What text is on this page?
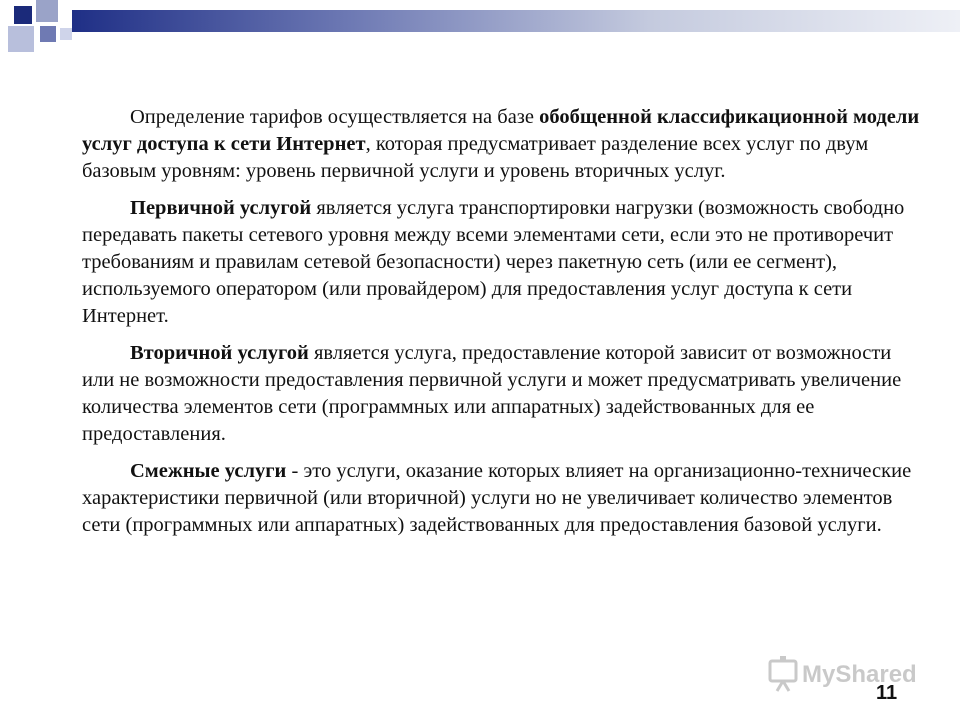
Определение тарифов осуществляется на базе обобщенной классификационной модели услуг доступа к сети Интернет, которая предусматривает разделение всех услуг по двум базовым уровням: уровень первичной услуги и уровень вторичных услуг.

Первичной услугой является услуга транспортировки нагрузки (возможность свободно передавать пакеты сетевого уровня между всеми элементами сети, если это не противоречит требованиям и правилам сетевой безопасности) через пакетную сеть (или ее сегмент), используемого оператором (или провайдером) для предоставления услуг доступа к сети Интернет.

Вторичной услугой является услуга, предоставление которой зависит от возможности или не возможности предоставления первичной услуги и может предусматривать увеличение количества элементов сети (программных или аппаратных) задействованных для ее предоставления.

Смежные услуги - это услуги, оказание которых влияет на организационно-технические характеристики первичной (или вторичной) услуги но не увеличивает количество элементов сети (программных или аппаратных) задействованных для предоставления базовой услуги.

MyShared
11
